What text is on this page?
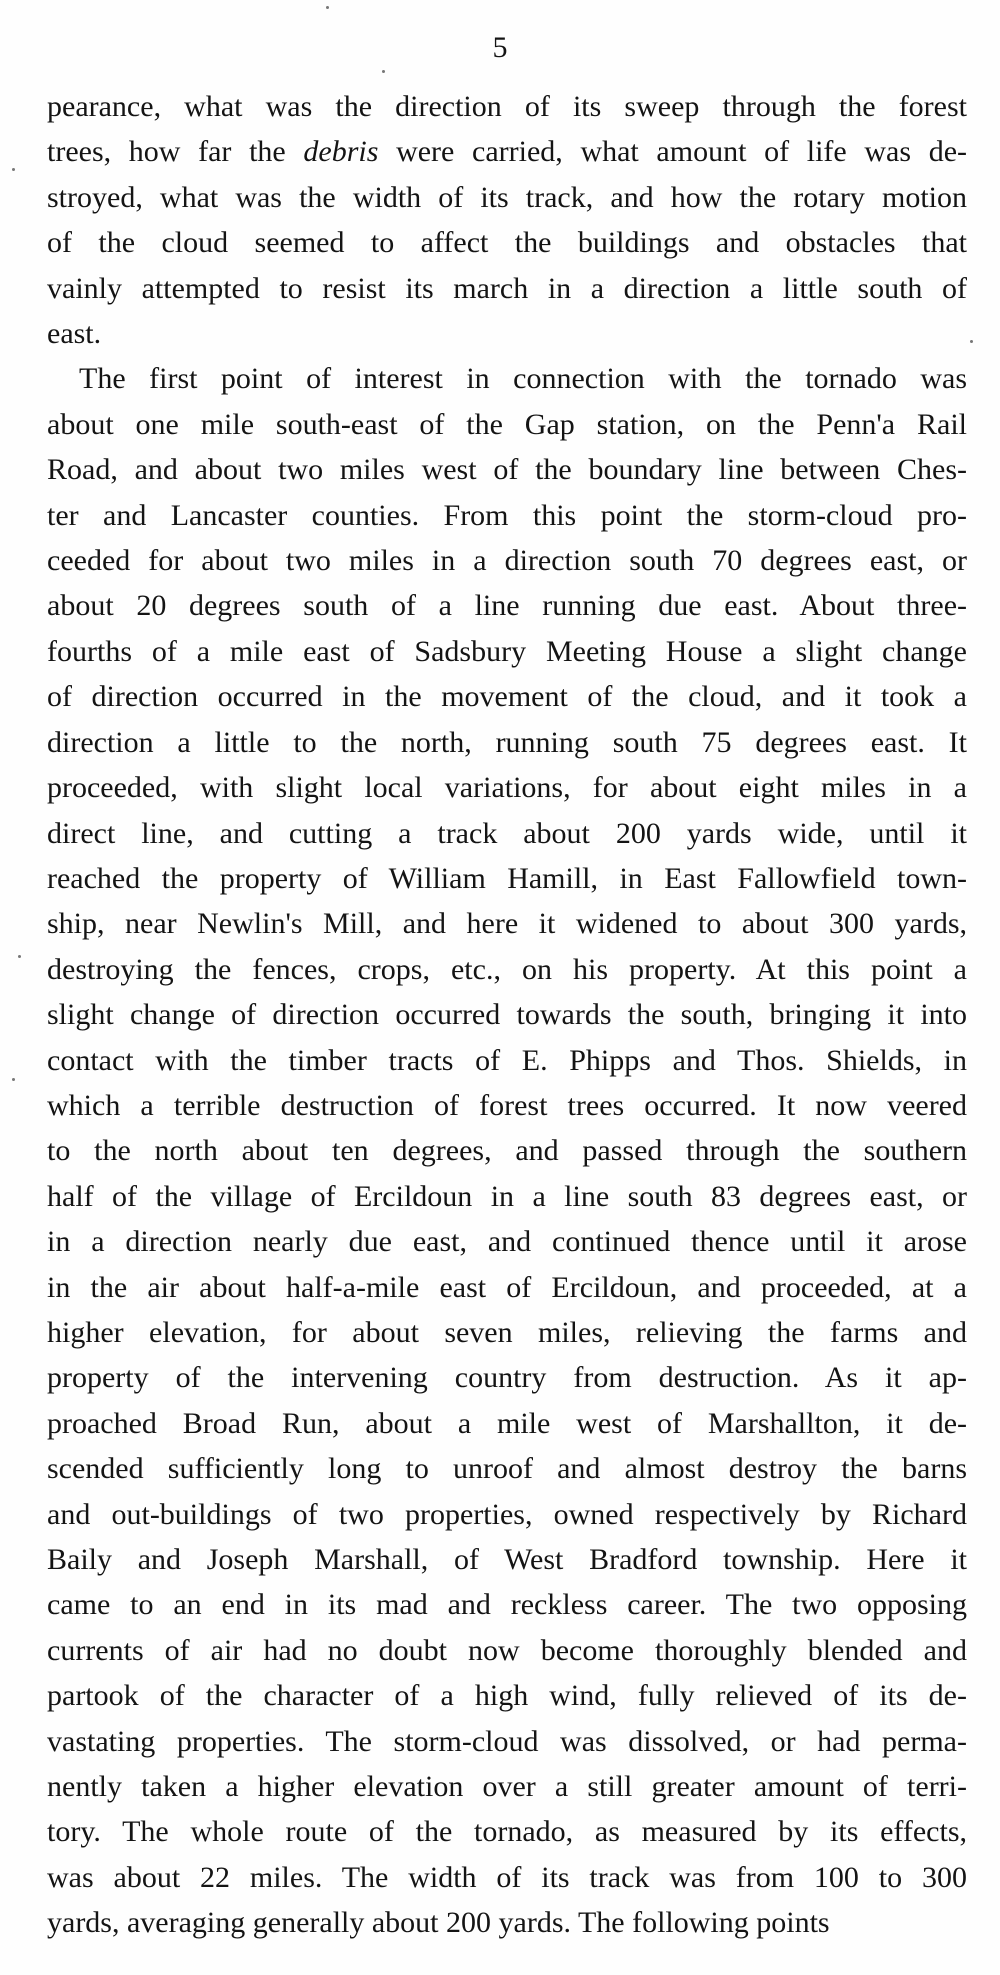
5

pearance, what was the direction of its sweep through the forest
trees, how far the debris were carried, what amount of life was de-
stroyed, what was the width of its track, and how the rotary motion
of the cloud seemed to affect the buildings and obstacles that
vainly attempted to resist its march in a direction a little south of
east.

The first point of interest in connection with the tornado was
about one mile south-east of the Gap station, on the Penn'a Rail
Road, and about two miles west of the boundary line between Ches-
ter and Lancaster counties. From this point the storm-cloud pro-
ceeded for about two miles in a direction south 70 degrees east, or
about 20 degrees south of a line running due east. About three-
fourths of a mile east of Sadsbury Meeting House a slight change
of direction occurred in the movement of the cloud, and it took a
direction a little to the north, running south 75 degrees east. It
proceeded, with slight local variations, for about eight miles in a
direct line, and cutting a track about 200 yards wide, until it
reached the property of William Hamill, in East Fallowfield town-
ship, near Newlin's Mill, and here it widened to about 300 yards,
destroying the fences, crops, etc., on his property. At this point a
slight change of direction occurred towards the south, bringing it into
contact with the timber tracts of E. Phipps and Thos. Shields, in
which a terrible destruction of forest trees occurred. It now veered
to the north about ten degrees, and passed through the southern
half of the village of Ercildoun in a line south 83 degrees east, or
in a direction nearly due east, and continued thence until it arose
in the air about half-a-mile east of Ercildoun, and proceeded, at a
higher elevation, for about seven miles, relieving the farms and
property of the intervening country from destruction. As it ap-
proached Broad Run, about a mile west of Marshallton, it de-
scended sufficiently long to unroof and almost destroy the barns
and out-buildings of two properties, owned respectively by Richard
Baily and Joseph Marshall, of West Bradford township. Here it
came to an end in its mad and reckless career. The two opposing
currents of air had no doubt now become thoroughly blended and
partook of the character of a high wind, fully relieved of its de-
vastating properties. The storm-cloud was dissolved, or had perma-
nently taken a higher elevation over a still greater amount of terri-
tory. The whole route of the tornado, as measured by its effects,
was about 22 miles. The width of its track was from 100 to 300
yards, averaging generally about 200 yards. The following points
